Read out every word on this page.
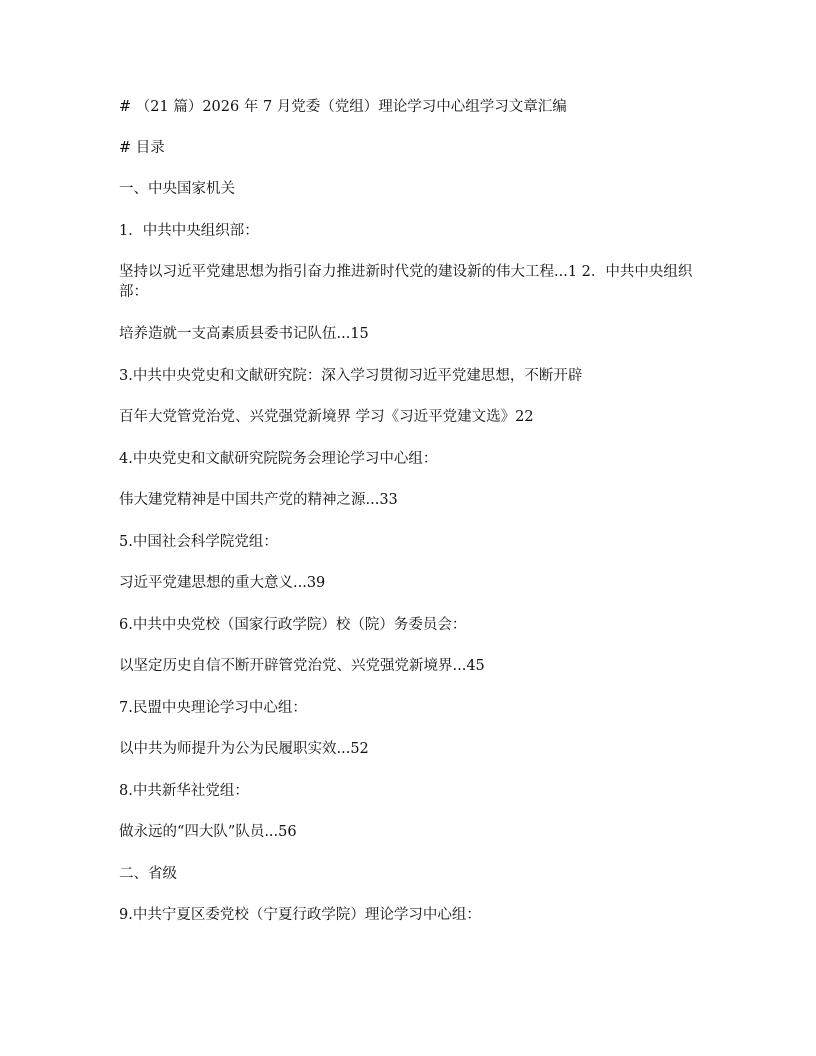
# （21 篇）2026 年 7 月党委（党组）理论学习中心组学习文章汇编
# 目录
一、中央国家机关
1．中共中央组织部：
坚持以习近平党建思想为指引奋力推进新时代党的建设新的伟大工程...1 2．中共中央组织部：
培养造就一支高素质县委书记队伍...15
3.中共中央党史和文献研究院：深入学习贯彻习近平党建思想，不断开辟
百年大党管党治党、兴党强党新境界 学习《习近平党建文选》22
4.中央党史和文献研究院院务会理论学习中心组：
伟大建党精神是中国共产党的精神之源...33
5.中国社会科学院党组：
习近平党建思想的重大意义...39
6.中共中央党校（国家行政学院）校（院）务委员会：
以坚定历史自信不断开辟管党治党、兴党强党新境界...45
7.民盟中央理论学习中心组：
以中共为师提升为公为民履职实效...52
8.中共新华社党组：
做永远的“四大队”队员...56
二、省级
9.中共宁夏区委党校（宁夏行政学院）理论学习中心组：
